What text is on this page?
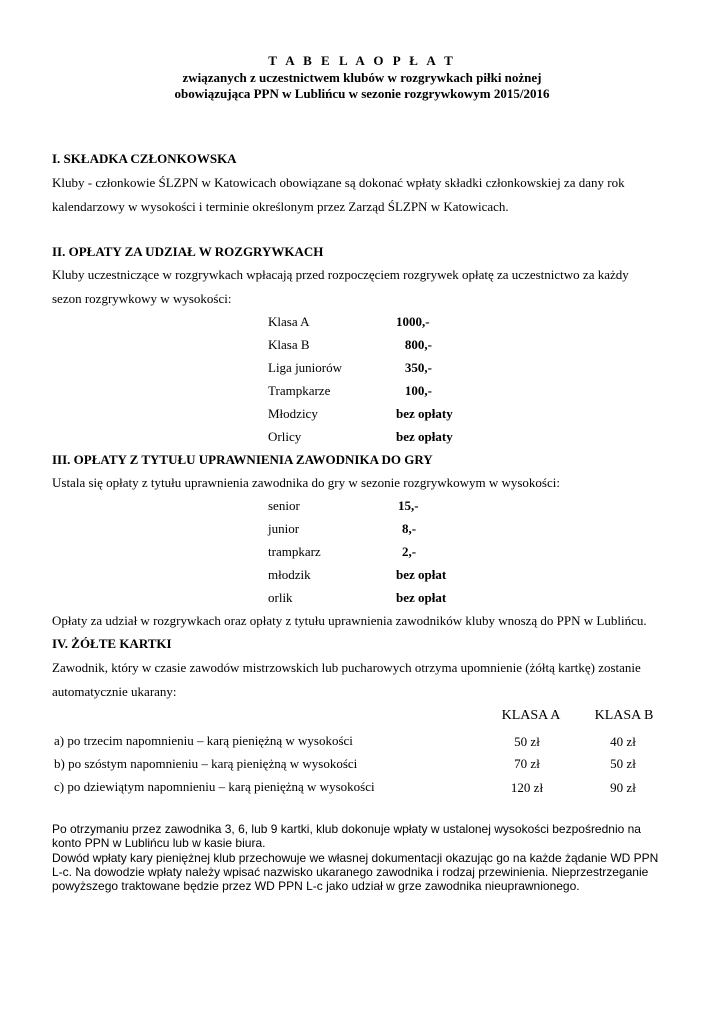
T A B E L A O P Ł A T
związanych z uczestnictwem klubów w rozgrywkach piłki nożnej
obowiązująca PPN w Lublińcu w sezonie rozgrywkowym 2015/2016
I. SKŁADKA CZŁONKOWSKA
Kluby - członkowie ŚLZPN w Katowicach obowiązane są dokonać wpłaty składki członkowskiej za dany rok
kalendarzowy w wysokości i terminie określonym przez Zarząd ŚLZPN w Katowicach.
II. OPŁATY ZA UDZIAŁ W ROZGRYWKACH
Kluby uczestniczące w rozgrywkach wpłacają przed rozpoczęciem rozgrywek opłatę za uczestnictwo za każdy
sezon rozgrywkowy w wysokości:
Klasa A	1000,-
Klasa B	800,-
Liga juniorów	350,-
Trampkarze	100,-
Młodzicy	bez opłaty
Orlicy	bez opłaty
III. OPŁATY Z TYTUŁU UPRAWNIENIA ZAWODNIKA DO GRY
Ustala się opłaty z tytułu uprawnienia zawodnika do gry w sezonie rozgrywkowym w wysokości:
senior	15,-
junior	8,-
trampkarz	2,-
młodzik	bez opłat
orlik	bez opłat
Opłaty za udział w rozgrywkach oraz opłaty z tytułu uprawnienia zawodników kluby wnoszą do PPN w Lublińcu.
IV. ŻÓŁTE KARTKI
Zawodnik, który w czasie zawodów mistrzowskich lub pucharowych otrzyma upomnienie (żółtą kartkę) zostanie
automatycznie ukarany:
KLASA A	KLASA B
a) po trzecim napomnieniu – karą pieniężną w wysokości	50 zł	40 zł
b) po szóstym napomnieniu – karą pieniężną w wysokości	70 zł	50 zł
c) po dziewiątym napomnieniu – karą pieniężną w wysokości	120 zł	90 zł
Po otrzymaniu przez zawodnika 3, 6, lub 9 kartki, klub dokonuje wpłaty w ustalonej wysokości bezpośrednio na konto PPN w Lublińcu lub w kasie biura.
Dowód wpłaty kary pieniężnej klub przechowuje we własnej dokumentacji okazując go na każde żądanie WD PPN L-c. Na dowodzie wpłaty należy wpisać nazwisko ukaranego zawodnika i rodzaj przewinienia. Nieprzestrzeganie powyższego traktowane będzie przez WD PPN L-c jako udział w grze zawodnika nieuprawnionego.
